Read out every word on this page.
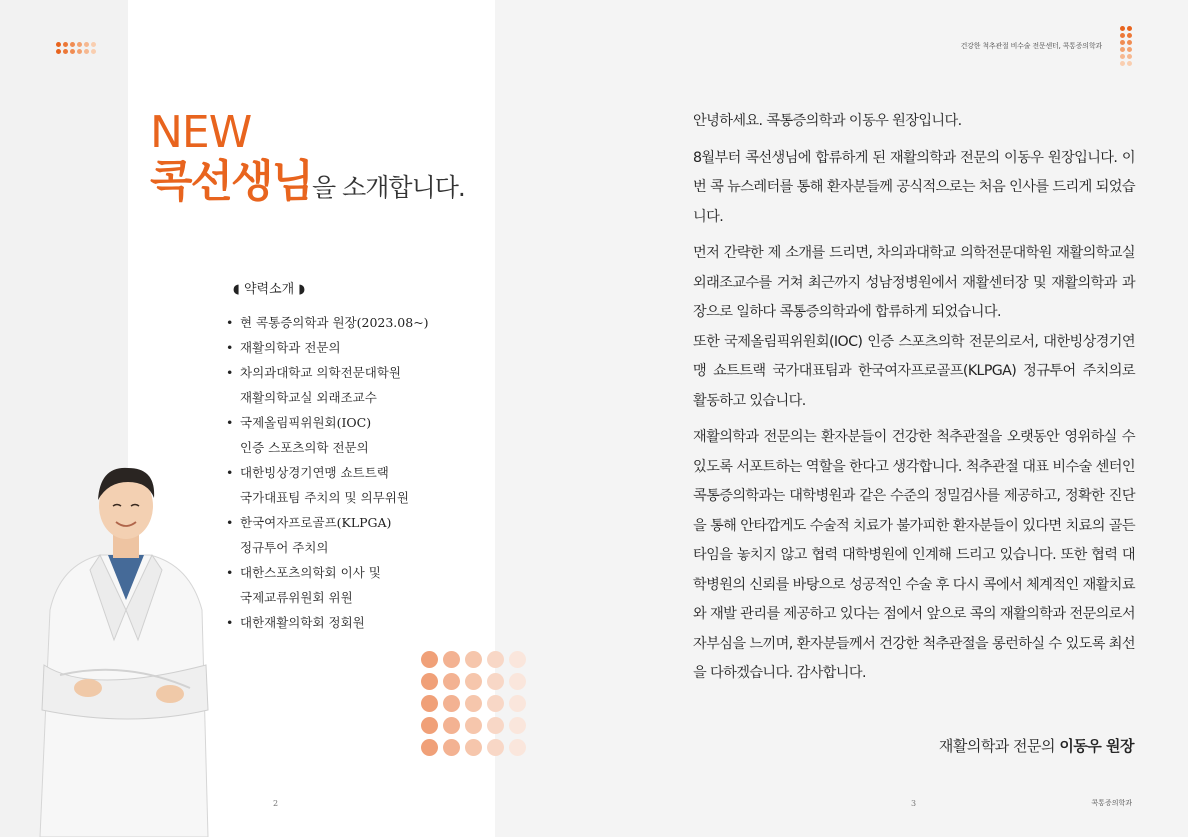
NEW
콕선생님을 소개합니다.
◖ 약력소개 ◗
• 현 콕통증의학과 원장(2023.08~)
• 재활의학과 전문의
• 차의과대학교 의학전문대학원
재활의학교실 외래조교수
• 국제올림픽위원회(IOC)
인증 스포츠의학 전문의
• 대한빙상경기연맹 쇼트트랙
국가대표팀 주치의 및 의무위원
• 한국여자프로골프(KLPGA)
정규투어 주치의
• 대한스포츠의학회 이사 및
국제교류위원회 위원
• 대한재활의학회 정회원
2
건강한 척추관절 비수술 전문센터, 콕통증의학과

안녕하세요. 콕통증의학과 이동우 원장입니다.

8월부터 콕선생님에 합류하게 된 재활의학과 전문의 이동우 원장입니다. 이번 콕 뉴스레터를 통해 환자분들께 공식적으로는 처음 인사를 드리게 되었습니다.

먼저 간략한 제 소개를 드리면, 차의과대학교 의학전문대학원 재활의학교실 외래조교수를 거쳐 최근까지 성남정병원에서 재활센터장 및 재활의학과 과장으로 일하다 콕통증의학과에 합류하게 되었습니다.

또한 국제올림픽위원회(IOC) 인증 스포츠의학 전문의로서, 대한빙상경기연맹 쇼트트랙 국가대표팀과 한국여자프로골프(KLPGA) 정규투어 주치의로 활동하고 있습니다.

재활의학과 전문의는 환자분들이 건강한 척추관절을 오랫동안 영위하실 수 있도록 서포트하는 역할을 한다고 생각합니다. 척추관절 대표 비수술 센터인 콕통증의학과는 대학병원과 같은 수준의 정밀검사를 제공하고, 정확한 진단을 통해 안타깝게도 수술적 치료가 불가피한 환자분들이 있다면 치료의 골든타임을 놓치지 않고 협력 대학병원에 인계해 드리고 있습니다. 또한 협력 대학병원의 신뢰를 바탕으로 성공적인 수술 후 다시 콕에서 체계적인 재활치료와 재발 관리를 제공하고 있다는 점에서 앞으로 콕의 재활의학과 전문의로서 자부심을 느끼며, 환자분들께서 건강한 척추관절을 롱런하실 수 있도록 최선을 다하겠습니다. 감사합니다.

재활의학과 전문의 이동우 원장
3	콕통증의학과
